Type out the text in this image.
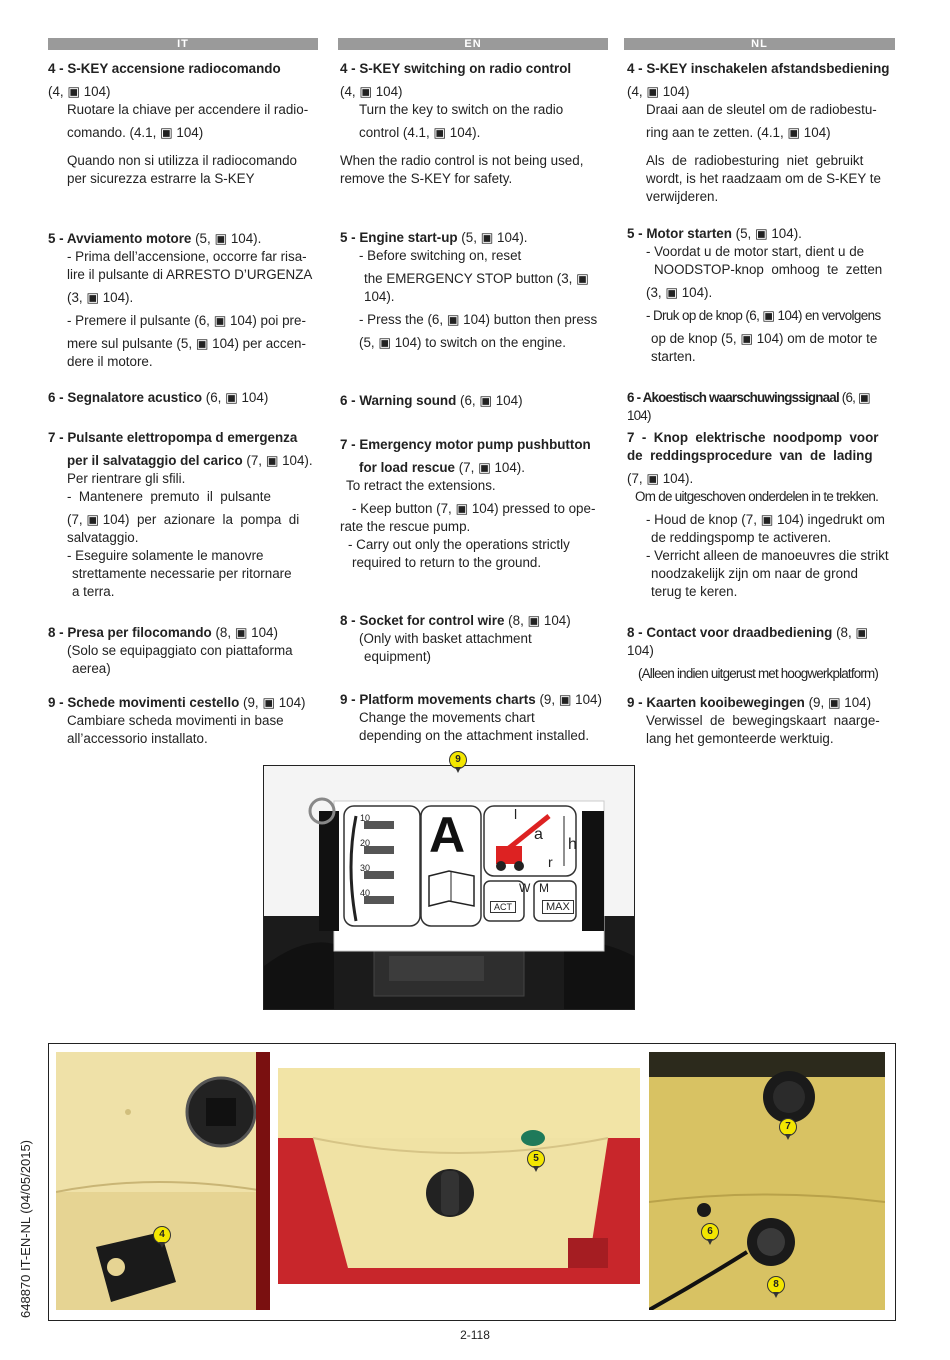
IT	EN	NL
4 - S-KEY accensione radiocomando
(4, ▣ 104)
Ruotare la chiave per accendere il radio-
comando. (4.1, ▣ 104)
Quando non si utilizza il radiocomando
per sicurezza estrarre la S-KEY
5 - Avviamento motore (5, ▣ 104).
- Prima dell’accensione, occorre far risa-
lire il pulsante di ARRESTO D’URGENZA
(3, ▣ 104).
- Premere il pulsante (6, ▣ 104) poi pre-
mere sul pulsante (5, ▣ 104) per accen-
dere il motore.
6 - Segnalatore acustico (6, ▣ 104)
7 - Pulsante elettropompa d emergenza
per il salvataggio del carico (7, ▣ 104).
Per rientrare gli sfili.
-  Mantenere  premuto  il  pulsante
(7, ▣ 104)  per  azionare  la  pompa  di
salvataggio.
- Eseguire solamente le manovre
strettamente necessarie per ritornare
a terra.
8 - Presa per filocomando (8, ▣ 104)
(Solo se equipaggiato con piattaforma
aerea)
9 - Schede movimenti cestello (9, ▣ 104)
Cambiare scheda movimenti in base
all’accessorio installato.
4 - S-KEY switching on radio control
(4, ▣ 104)
Turn the key to switch on the radio
control (4.1, ▣ 104).
When the radio control is not being used,
remove the S-KEY for safety.
5 - Engine start-up (5, ▣ 104).
- Before switching on, reset
the EMERGENCY STOP button (3, ▣ 104).
- Press the (6, ▣ 104) button then press
(5, ▣ 104) to switch on the engine.
6 - Warning sound (6, ▣ 104)
7 - Emergency motor pump pushbutton
for load rescue (7, ▣ 104).
To retract the extensions.
- Keep button (7, ▣ 104) pressed to ope-
rate the rescue pump.
- Carry out only the operations strictly
required to return to the ground.
8 - Socket for control wire (8, ▣ 104)
(Only with basket attachment
equipment)
9 - Platform movements charts (9, ▣ 104)
Change the movements chart
depending on the attachment installed.
4 - S-KEY inschakelen afstandsbediening
(4, ▣ 104)
Draai aan de sleutel om de radiobestu-
ring aan te zetten. (4.1, ▣ 104)
Als  de  radiobesturing  niet  gebruikt
wordt, is het raadzaam om de S-KEY te
verwijderen.
5 - Motor starten (5, ▣ 104).
- Voordat u de motor start, dient u de
NOODSTOP-knop  omhoog  te  zetten
(3, ▣ 104).
- Druk op de knop (6, ▣ 104) en vervolgens
op de knop (5, ▣ 104) om de motor te
starten.
6 - Akoestisch waarschuwingssignaal (6, ▣ 104)
7  -  Knop  elektrische  noodpomp  voor
de  reddingsprocedure  van  de  lading
(7, ▣ 104).
Om de uitgeschoven onderdelen in te trekken.
- Houd de knop (7, ▣ 104) ingedrukt om
de reddingspomp te activeren.
- Verricht alleen de manoeuvres die strikt
noodzakelijk zijn om naar de grond
terug te keren.
8 - Contact voor draadbediening (8, ▣ 104)
(Alleen indien uitgerust met hoogwerkplatform)
9 - Kaarten kooibewegingen (9, ▣ 104)
Verwissel  de  bewegingskaart  naarge-
lang het gemonteerde werktuig.
A	a
h
r
l
W M
ACT	MAX
10
20
30
40
9
4
5
7
6
8
648870 IT-EN-NL (04/05/2015)
2-118
